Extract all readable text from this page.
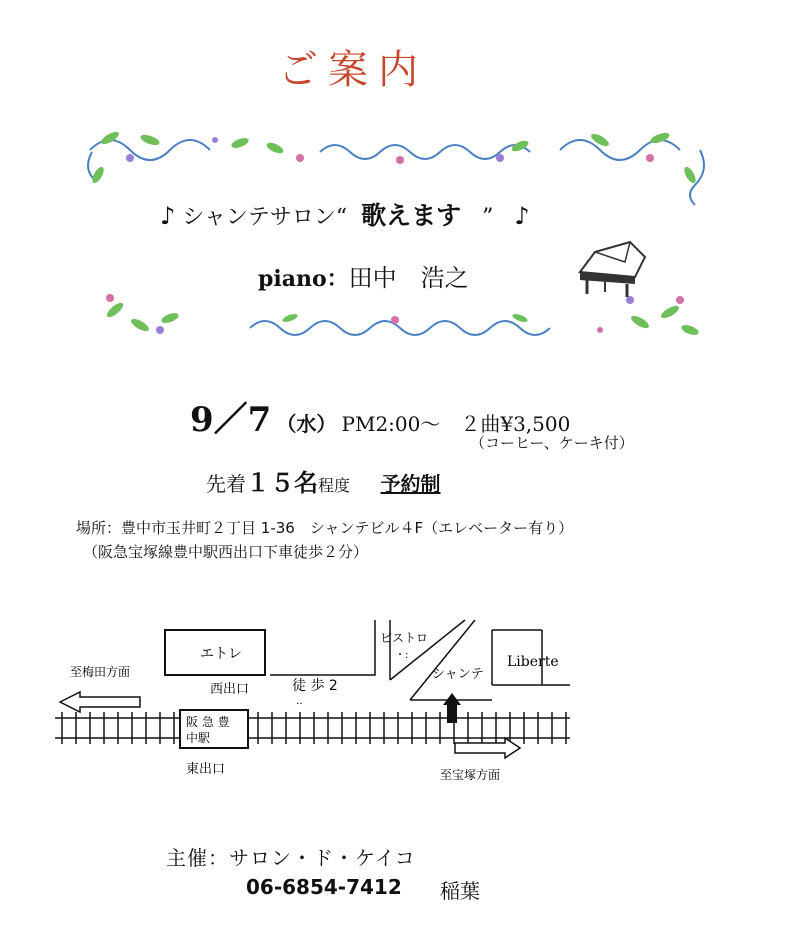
ご案内
♪ シャンテサロン“ 歌えます ” ♪
piano：田中　浩之
9／7 （水） PM2:00～　２曲¥3,500
（コーヒー、ケーキ付）
先着１５名程度 予約制
場所：豊中市玉井町２丁目 1-36　シャンテビル４F（エレベーター有り）
（阪急宝塚線豊中駅西出口下車徒歩２分）
エトレ
西出口
阪 急 豊
中駅
東出口
至梅田方面
徒 歩 2
‥
ビストロ
・:
シャンテ
Liberte
至宝塚方面
主催：サロン・ド・ケイコ
06-6854-7412 稲葉
